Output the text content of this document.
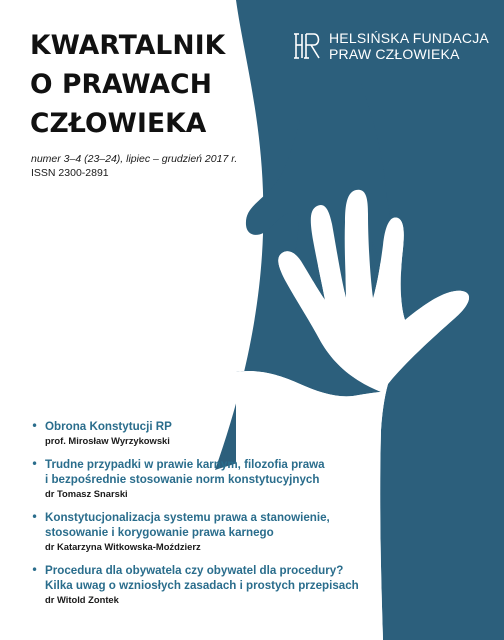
KWARTALNIK
O PRAWACH
CZŁOWIEKA
numer 3–4 (23–24), lipiec – grudzień 2017 r.
ISSN 2300-2891
HELSIŃSKA FUNDACJA
PRAW CZŁOWIEKA
• Obrona Konstytucji RP
prof. Mirosław Wyrzykowski
• Trudne przypadki w prawie karnym, filozofia prawa
i bezpośrednie stosowanie norm konstytucyjnych
dr Tomasz Snarski
• Konstytucjonalizacja systemu prawa a stanowienie,
stosowanie i korygowanie prawa karnego
dr Katarzyna Witkowska-Moździerz
• Procedura dla obywatela czy obywatel dla procedury?
Kilka uwag o wzniosłych zasadach i prostych przepisach
dr Witold Zontek
